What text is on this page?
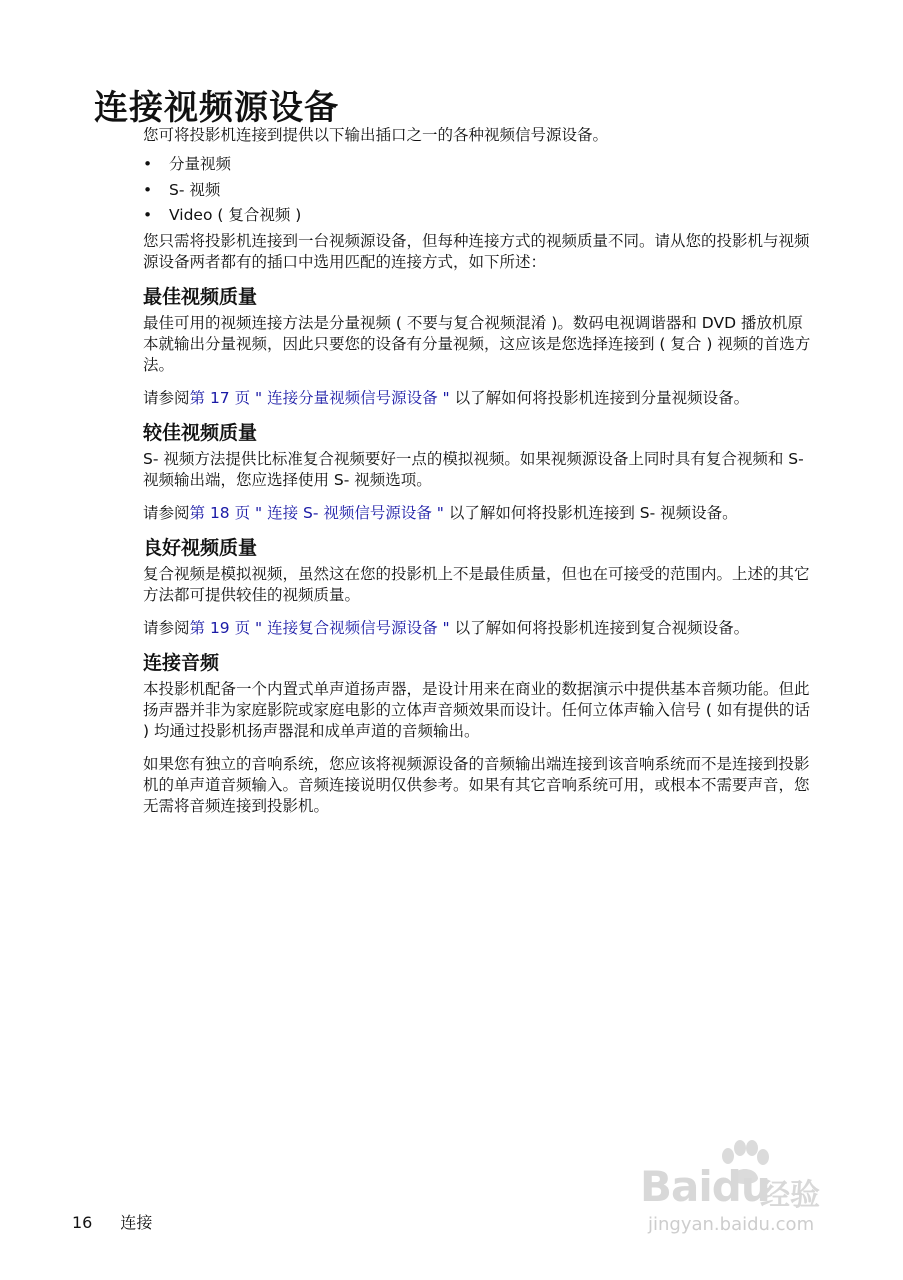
连接视频源设备

您可将投影机连接到提供以下输出插口之一的各种视频信号源设备。

• 分量视频
• S- 视频
• Video ( 复合视频 )

您只需将投影机连接到一台视频源设备，但每种连接方式的视频质量不同。请从您的投影机与视频源设备两者都有的插口中选用匹配的连接方式，如下所述：

最佳视频质量

最佳可用的视频连接方法是分量视频 ( 不要与复合视频混淆 )。数码电视调谐器和 DVD 播放机原本就输出分量视频，因此只要您的设备有分量视频，这应该是您选择连接到 ( 复合 ) 视频的首选方法。

请参阅第 17 页 " 连接分量视频信号源设备 " 以了解如何将投影机连接到分量视频设备。

较佳视频质量

S- 视频方法提供比标准复合视频要好一点的模拟视频。如果视频源设备上同时具有复合视频和 S- 视频输出端，您应选择使用 S- 视频选项。

请参阅第 18 页 " 连接 S- 视频信号源设备 " 以了解如何将投影机连接到 S- 视频设备。

良好视频质量

复合视频是模拟视频，虽然这在您的投影机上不是最佳质量，但也在可接受的范围内。上述的其它方法都可提供较佳的视频质量。

请参阅第 19 页 " 连接复合视频信号源设备 " 以了解如何将投影机连接到复合视频设备。

连接音频

本投影机配备一个内置式单声道扬声器，是设计用来在商业的数据演示中提供基本音频功能。但此扬声器并非为家庭影院或家庭电影的立体声音频效果而设计。任何立体声输入信号 ( 如有提供的话 ) 均通过投影机扬声器混和成单声道的音频输出。

如果您有独立的音响系统，您应该将视频源设备的音频输出端连接到该音响系统而不是连接到投影机的单声道音频输入。音频连接说明仅供参考。如果有其它音响系统可用，或根本不需要声音，您无需将音频连接到投影机。

16 连接
Baidu
经验
jingyan.baidu.com
